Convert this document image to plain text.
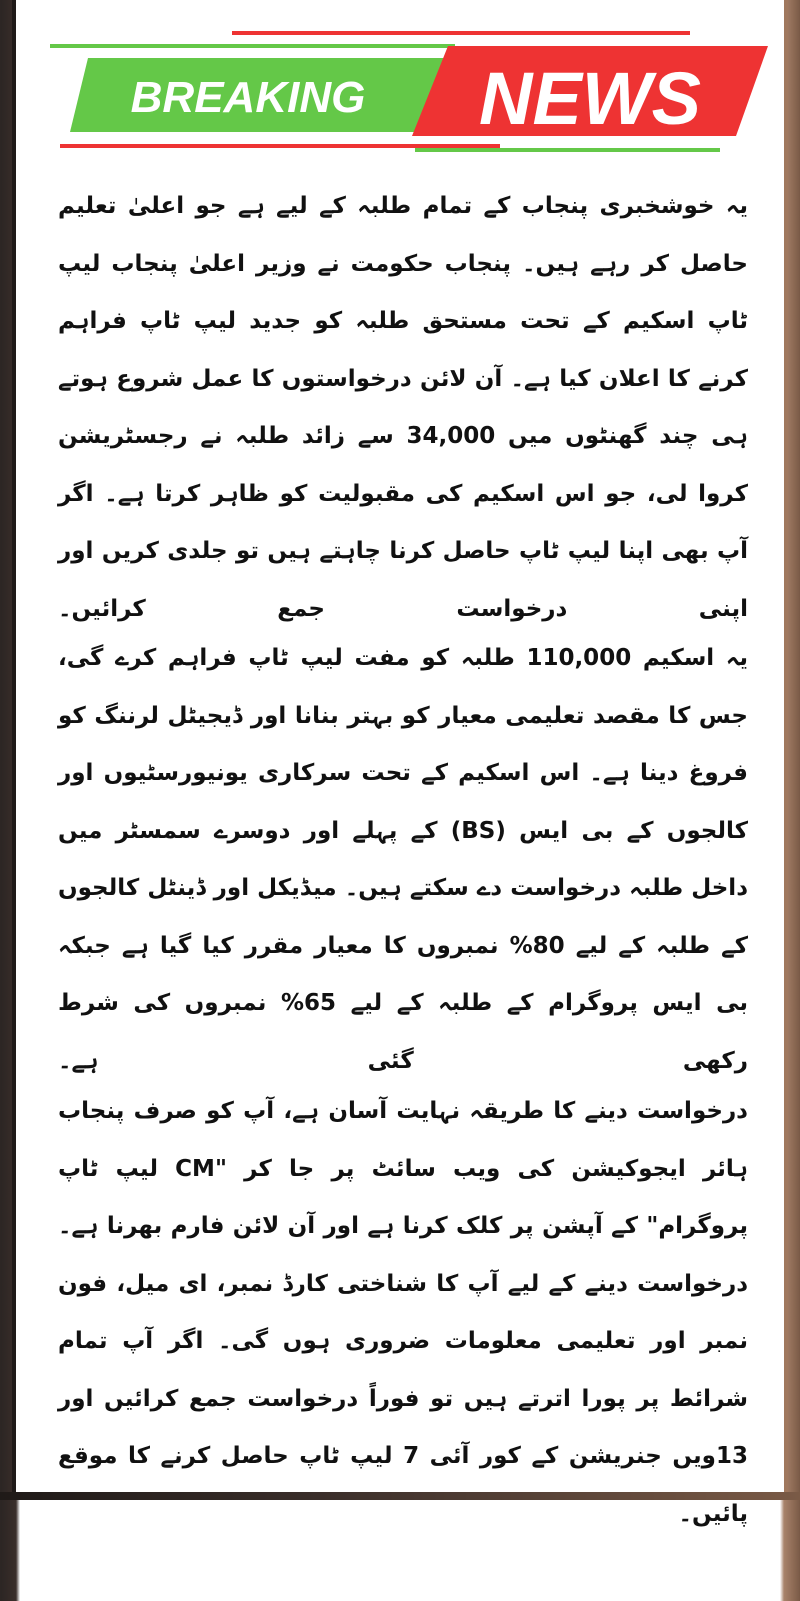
BREAKING NEWS

یہ خوشخبری پنجاب کے تمام طلبہ کے لیے ہے جو اعلیٰ تعلیم حاصل کر رہے ہیں۔ پنجاب حکومت نے وزیر اعلیٰ پنجاب لیپ ٹاپ اسکیم کے تحت مستحق طلبہ کو جدید لیپ ٹاپ فراہم کرنے کا اعلان کیا ہے۔ آن لائن درخواستوں کا عمل شروع ہوتے ہی چند گھنٹوں میں 34,000 سے زائد طلبہ نے رجسٹریشن کروا لی، جو اس اسکیم کی مقبولیت کو ظاہر کرتا ہے۔ اگر آپ بھی اپنا لیپ ٹاپ حاصل کرنا چاہتے ہیں تو جلدی کریں اور اپنی درخواست جمع کرائیں۔

یہ اسکیم 110,000 طلبہ کو مفت لیپ ٹاپ فراہم کرے گی، جس کا مقصد تعلیمی معیار کو بہتر بنانا اور ڈیجیٹل لرننگ کو فروغ دینا ہے۔ اس اسکیم کے تحت سرکاری یونیورسٹیوں اور کالجوں کے بی ایس (BS) کے پہلے اور دوسرے سمسٹر میں داخل طلبہ درخواست دے سکتے ہیں۔ میڈیکل اور ڈینٹل کالجوں کے طلبہ کے لیے 80% نمبروں کا معیار مقرر کیا گیا ہے جبکہ بی ایس پروگرام کے طلبہ کے لیے 65% نمبروں کی شرط رکھی گئی ہے۔

درخواست دینے کا طریقہ نہایت آسان ہے، آپ کو صرف پنجاب ہائر ایجوکیشن کی ویب سائٹ پر جا کر "CM لیپ ٹاپ پروگرام" کے آپشن پر کلک کرنا ہے اور آن لائن فارم بھرنا ہے۔ درخواست دینے کے لیے آپ کا شناختی کارڈ نمبر، ای میل، فون نمبر اور تعلیمی معلومات ضروری ہوں گی۔ اگر آپ تمام شرائط پر پورا اترتے ہیں تو فوراً درخواست جمع کرائیں اور 13ویں جنریشن کے کور آئی 7 لیپ ٹاپ حاصل کرنے کا موقع پائیں۔
